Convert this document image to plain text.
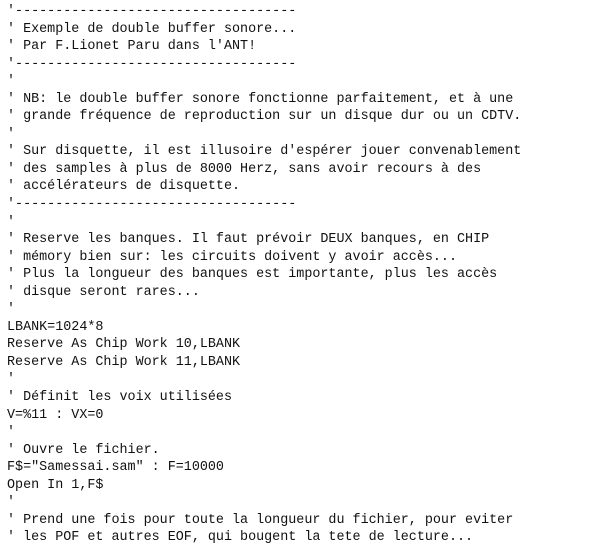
'-----------------------------------
' Exemple de double buffer sonore...
' Par F.Lionet Paru dans l'ANT!
'-----------------------------------
'
' NB: le double buffer sonore fonctionne parfaitement, et à une
' grande fréquence de reproduction sur un disque dur ou un CDTV.
'
' Sur disquette, il est illusoire d'espérer jouer convenablement
' des samples à plus de 8000 Herz, sans avoir recours à des
' accélérateurs de disquette.
'-----------------------------------
'
' Reserve les banques. Il faut prévoir DEUX banques, en CHIP
' mémory bien sur: les circuits doivent y avoir accès...
' Plus la longueur des banques est importante, plus les accès
' disque seront rares...
'
LBANK=1024*8
Reserve As Chip Work 10,LBANK
Reserve As Chip Work 11,LBANK
'
' Définit les voix utilisées
V=%11 : VX=0
'
' Ouvre le fichier.
F$="Samessai.sam" : F=10000
Open In 1,F$
'
' Prend une fois pour toute la longueur du fichier, pour eviter
' les POF et autres EOF, qui bougent la tete de lecture...
